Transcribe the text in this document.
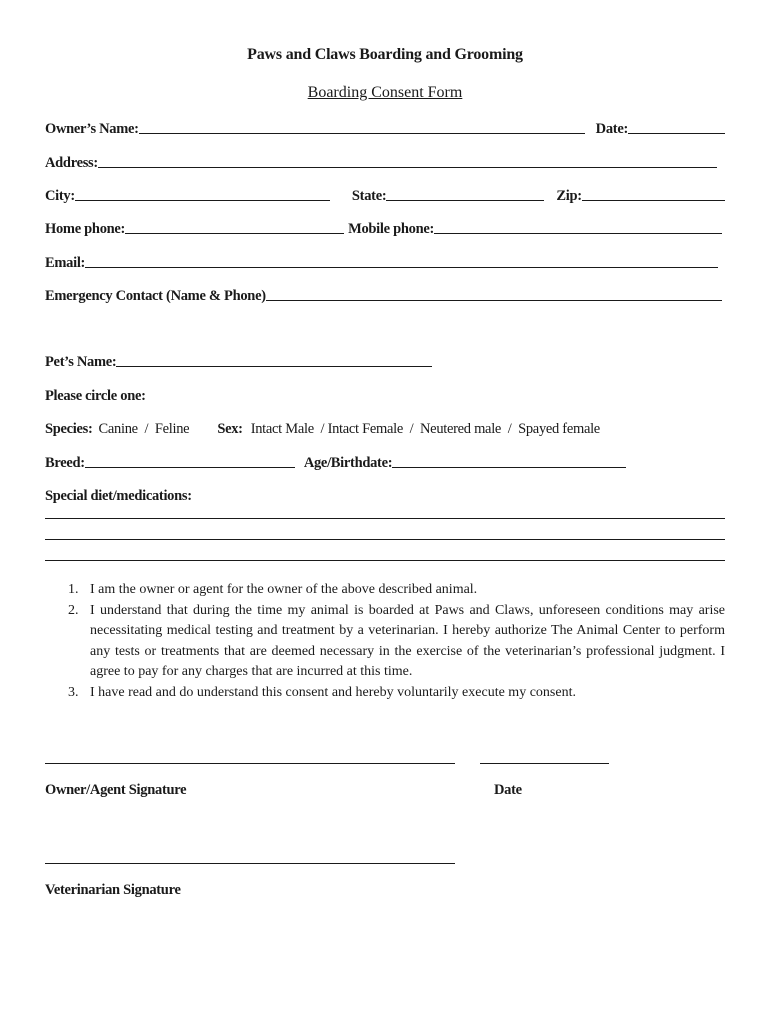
Paws and Claws Boarding and Grooming
Boarding Consent Form
Owner’s Name:	Date:
Address:
City:	State:	Zip:
Home phone:	Mobile phone:
Email:
Emergency Contact (Name & Phone)
Pet’s Name:
Please circle one:
Species: Canine / Feline Sex: Intact Male / Intact Female / Neutered male / Spayed female
Breed:	Age/Birthdate:
Special diet/medications:
1. I am the owner or agent for the owner of the above described animal.
2. I understand that during the time my animal is boarded at Paws and Claws, unforeseen conditions may arise necessitating medical testing and treatment by a veterinarian. I hereby authorize The Animal Center to perform any tests or treatments that are deemed necessary in the exercise of the veterinarian’s professional judgment. I agree to pay for any charges that are incurred at this time.
3. I have read and do understand this consent and hereby voluntarily execute my consent.
Owner/Agent Signature	Date
Veterinarian Signature
